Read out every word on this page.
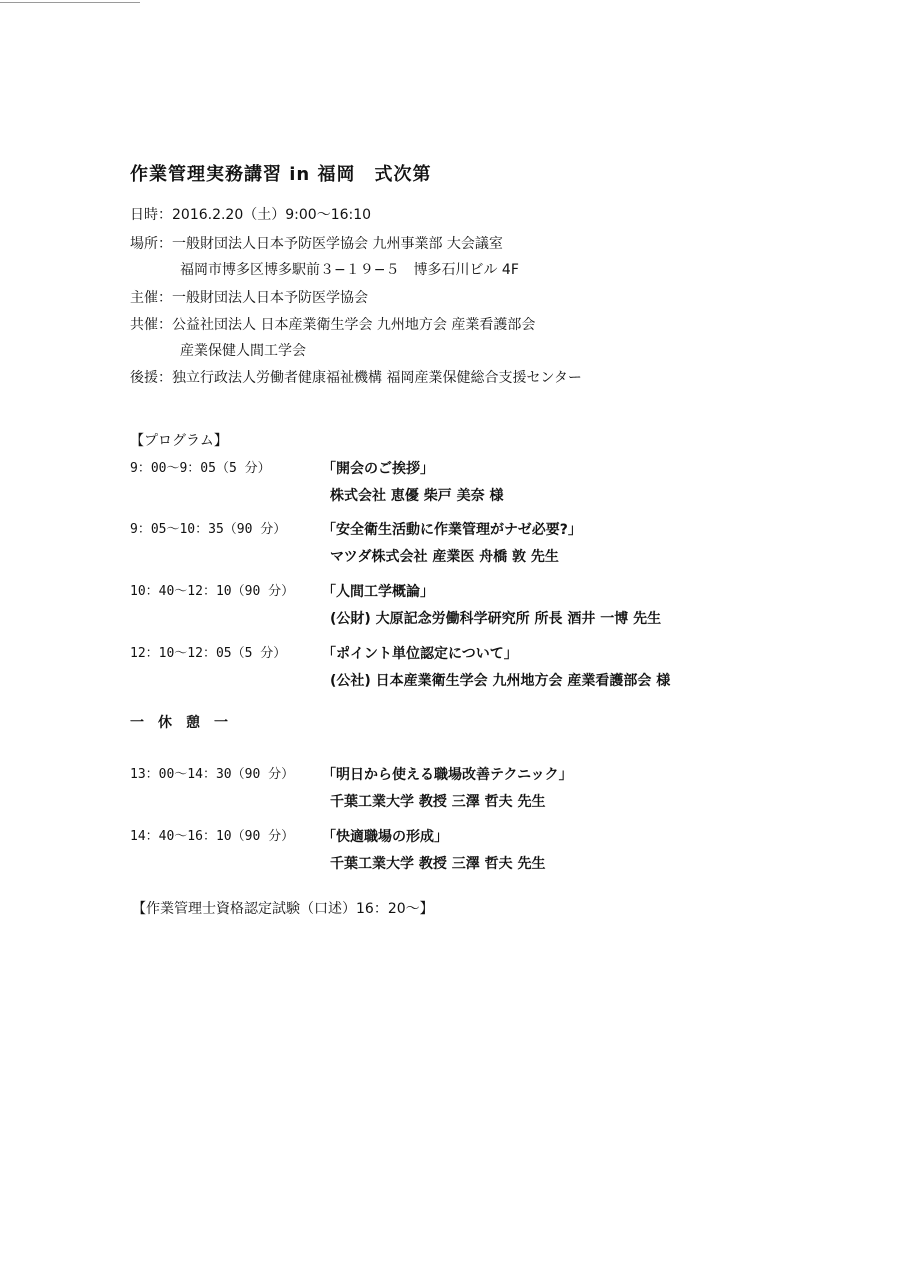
作業管理実務講習 in 福岡　式次第
日時：2016.2.20（土）9:00〜16:10
場所：一般財団法人日本予防医学協会 九州事業部 大会議室
福岡市博多区博多駅前３−１９−５　博多石川ビル 4F
主催：一般財団法人日本予防医学協会
共催：公益社団法人 日本産業衛生学会 九州地方会 産業看護部会
産業保健人間工学会
後援：独立行政法人労働者健康福祉機構 福岡産業保健総合支援センター
【プログラム】
9：00〜9：05（5 分）	「開会のご挨拶」
株式会社 恵優 柴戸 美奈 様
9：05〜10：35（90 分）	「安全衛生活動に作業管理がナゼ必要?」
マツダ株式会社 産業医 舟橋 敦 先生
10：40〜12：10（90 分） 「人間工学概論」
(公財) 大原記念労働科学研究所 所長 酒井 一博 先生
12：10〜12：05（5 分）	「ポイント単位認定について」
(公社) 日本産業衛生学会 九州地方会 産業看護部会 様
一　休　憩　一
13：00〜14：30（90 分） 「明日から使える職場改善テクニック」
千葉工業大学 教授 三澤 哲夫 先生
14：40〜16：10（90 分） 「快適職場の形成」
千葉工業大学 教授 三澤 哲夫 先生
【作業管理士資格認定試験（口述）16：20〜】
